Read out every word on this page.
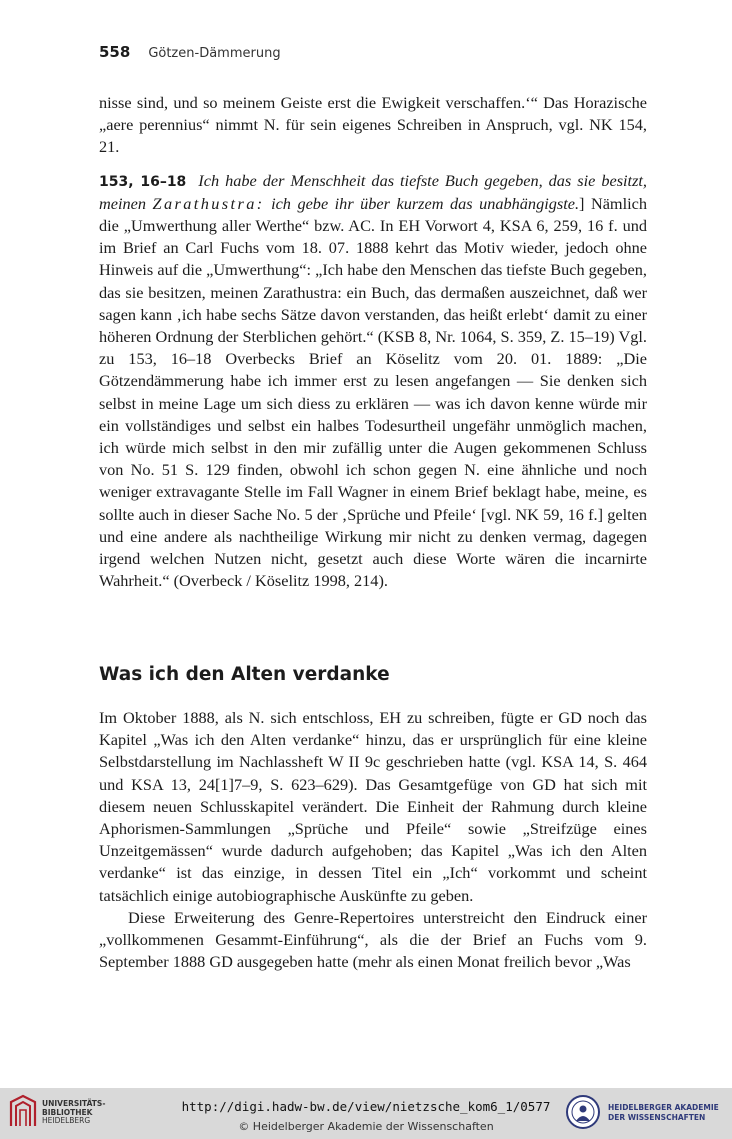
558 Götzen-Dämmerung

nisse sind, und so meinem Geiste erst die Ewigkeit verschaffen.‘“ Das Horazische „aere perennius“ nimmt N. für sein eigenes Schreiben in Anspruch, vgl. NK 154, 21.

153, 16–18 Ich habe der Menschheit das tiefste Buch gegeben, das sie besitzt, meinen Zarathustra: ich gebe ihr über kurzem das unabhängigste.] Nämlich die „Umwerthung aller Werthe“ bzw. AC. In EH Vorwort 4, KSA 6, 259, 16 f. und im Brief an Carl Fuchs vom 18. 07. 1888 kehrt das Motiv wieder, jedoch ohne Hinweis auf die „Umwerthung“: „Ich habe den Menschen das tiefste Buch gegeben, das sie besitzen, meinen Zarathustra: ein Buch, das dermaßen auszeichnet, daß wer sagen kann ‚ich habe sechs Sätze davon verstanden, das heißt erlebt‘ damit zu einer höheren Ordnung der Sterblichen gehört.“ (KSB 8, Nr. 1064, S. 359, Z. 15–19) Vgl. zu 153, 16–18 Overbecks Brief an Köselitz vom 20. 01. 1889: „Die Götzendämmerung habe ich immer erst zu lesen angefangen — Sie denken sich selbst in meine Lage um sich diess zu erklären — was ich davon kenne würde mir ein vollständiges und selbst ein halbes Todesurtheil ungefähr unmöglich machen, ich würde mich selbst in den mir zufällig unter die Augen gekommenen Schluss von No. 51 S. 129 finden, obwohl ich schon gegen N. eine ähnliche und noch weniger extravagante Stelle im Fall Wagner in einem Brief beklagt habe, meine, es sollte auch in dieser Sache No. 5 der ‚Sprüche und Pfeile‘ [vgl. NK 59, 16 f.] gelten und eine andere als nachtheilige Wirkung mir nicht zu denken vermag, dagegen irgend welchen Nutzen nicht, gesetzt auch diese Worte wären die incarnirte Wahrheit.“ (Overbeck / Köselitz 1998, 214).

Was ich den Alten verdanke

Im Oktober 1888, als N. sich entschloss, EH zu schreiben, fügte er GD noch das Kapitel „Was ich den Alten verdanke“ hinzu, das er ursprünglich für eine kleine Selbstdarstellung im Nachlassheft W II 9c geschrieben hatte (vgl. KSA 14, S. 464 und KSA 13, 24[1]7–9, S. 623–629). Das Gesamtgefüge von GD hat sich mit diesem neuen Schlusskapitel verändert. Die Einheit der Rahmung durch kleine Aphorismen-Sammlungen „Sprüche und Pfeile“ sowie „Streifzüge eines Unzeitgemässen“ wurde dadurch aufgehoben; das Kapitel „Was ich den Alten verdanke“ ist das einzige, in dessen Titel ein „Ich“ vorkommt und scheint tatsächlich einige autobiographische Auskünfte zu geben.

Diese Erweiterung des Genre-Repertoires unterstreicht den Eindruck einer „vollkommenen Gesammt-Einführung“, als die der Brief an Fuchs vom 9. September 1888 GD ausgegeben hatte (mehr als einen Monat freilich bevor „Was

UNIVERSITÄTS-
BIBLIOTHEK
HEIDELBERG
http://digi.hadw-bw.de/view/nietzsche_kom6_1/0577
© Heidelberger Akademie der Wissenschaften
HEIDELBERGER AKADEMIE
DER WISSENSCHAFTEN
